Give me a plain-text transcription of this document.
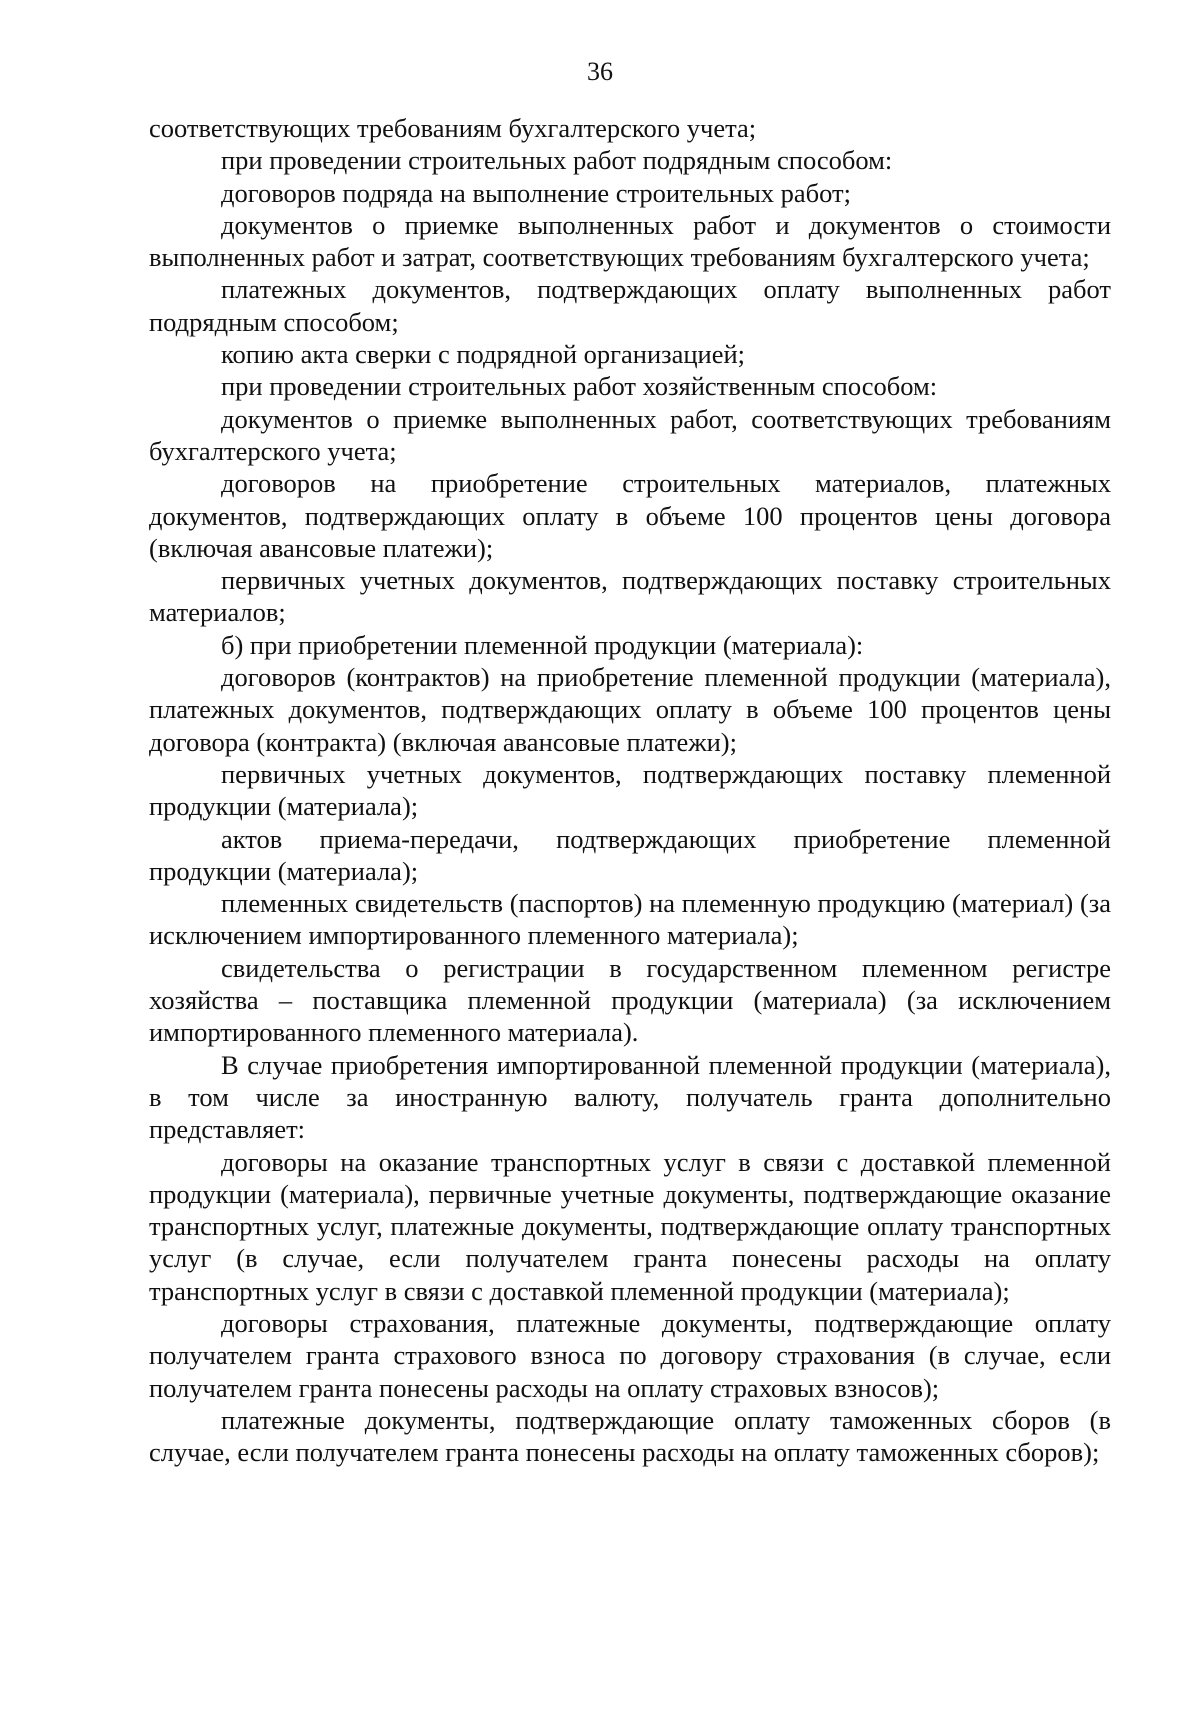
36

соответствующих требованиям бухгалтерского учета;

при проведении строительных работ подрядным способом:

договоров подряда на выполнение строительных работ;

документов о приемке выполненных работ и документов о стоимости выполненных работ и затрат, соответствующих требованиям бухгалтерского учета;

платежных документов, подтверждающих оплату выполненных работ подрядным способом;

копию акта сверки с подрядной организацией;

при проведении строительных работ хозяйственным способом:

документов о приемке выполненных работ, соответствующих требованиям бухгалтерского учета;

договоров на приобретение строительных материалов, платежных документов, подтверждающих оплату в объеме 100 процентов цены договора (включая авансовые платежи);

первичных учетных документов, подтверждающих поставку строительных материалов;

б) при приобретении племенной продукции (материала):

договоров (контрактов) на приобретение племенной продукции (материала), платежных документов, подтверждающих оплату в объеме 100 процентов цены договора (контракта) (включая авансовые платежи);

первичных учетных документов, подтверждающих поставку племенной продукции (материала);

актов приема-передачи, подтверждающих приобретение племенной продукции (материала);

племенных свидетельств (паспортов) на племенную продукцию (материал) (за исключением импортированного племенного материала);

свидетельства о регистрации в государственном племенном регистре хозяйства – поставщика племенной продукции (материала) (за исключением импортированного племенного материала).

В случае приобретения импортированной племенной продукции (материала), в том числе за иностранную валюту, получатель гранта дополнительно представляет:

договоры на оказание транспортных услуг в связи с доставкой племенной продукции (материала), первичные учетные документы, подтверждающие оказание транспортных услуг, платежные документы, подтверждающие оплату транспортных услуг (в случае, если получателем гранта понесены расходы на оплату транспортных услуг в связи с доставкой племенной продукции (материала);

договоры страхования, платежные документы, подтверждающие оплату получателем гранта страхового взноса по договору страхования (в случае, если получателем гранта понесены расходы на оплату страховых взносов);

платежные документы, подтверждающие оплату таможенных сборов (в случае, если получателем гранта понесены расходы на оплату таможенных сборов);
